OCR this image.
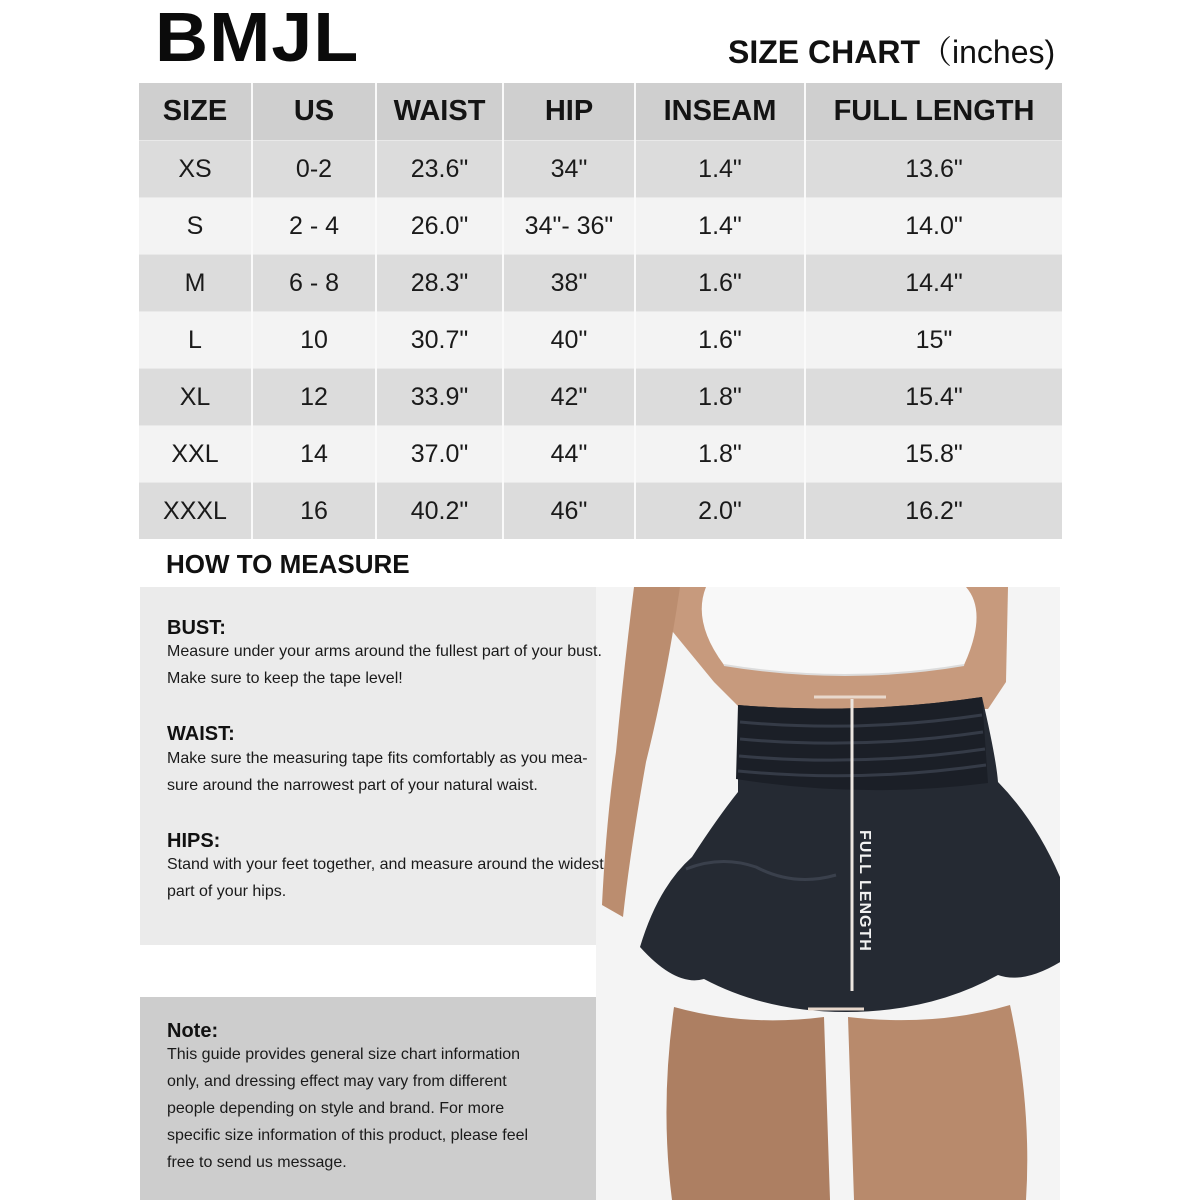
BMJL	SIZE CHART（inches)
SIZE	US	WAIST	HIP	INSEAM	FULL LENGTH
XS	0-2	23.6"	34"	1.4"	13.6"
S	2 - 4	26.0"	34"- 36"	1.4"	14.0"
M	6 - 8	28.3"	38"	1.6"	14.4"
L	10	30.7"	40"	1.6"	15"
XL	12	33.9"	42"	1.8"	15.4"
XXL	14	37.0"	44"	1.8"	15.8"
XXXL	16	40.2"	46"	2.0"	16.2"
HOW TO MEASURE
FULL LENGTH
BUST:
Measure under your arms around the fullest part of your bust.
Make sure to keep the tape level!
WAIST:
Make sure the measuring tape fits comfortably as you mea-
sure around the narrowest part of your natural waist.
HIPS:
Stand with your feet together, and measure around the widest
part of your hips.
Note:
This guide provides general size chart information
only, and dressing effect may vary from different
people depending on style and brand. For more
specific size information of this product, please feel
free to send us message.
